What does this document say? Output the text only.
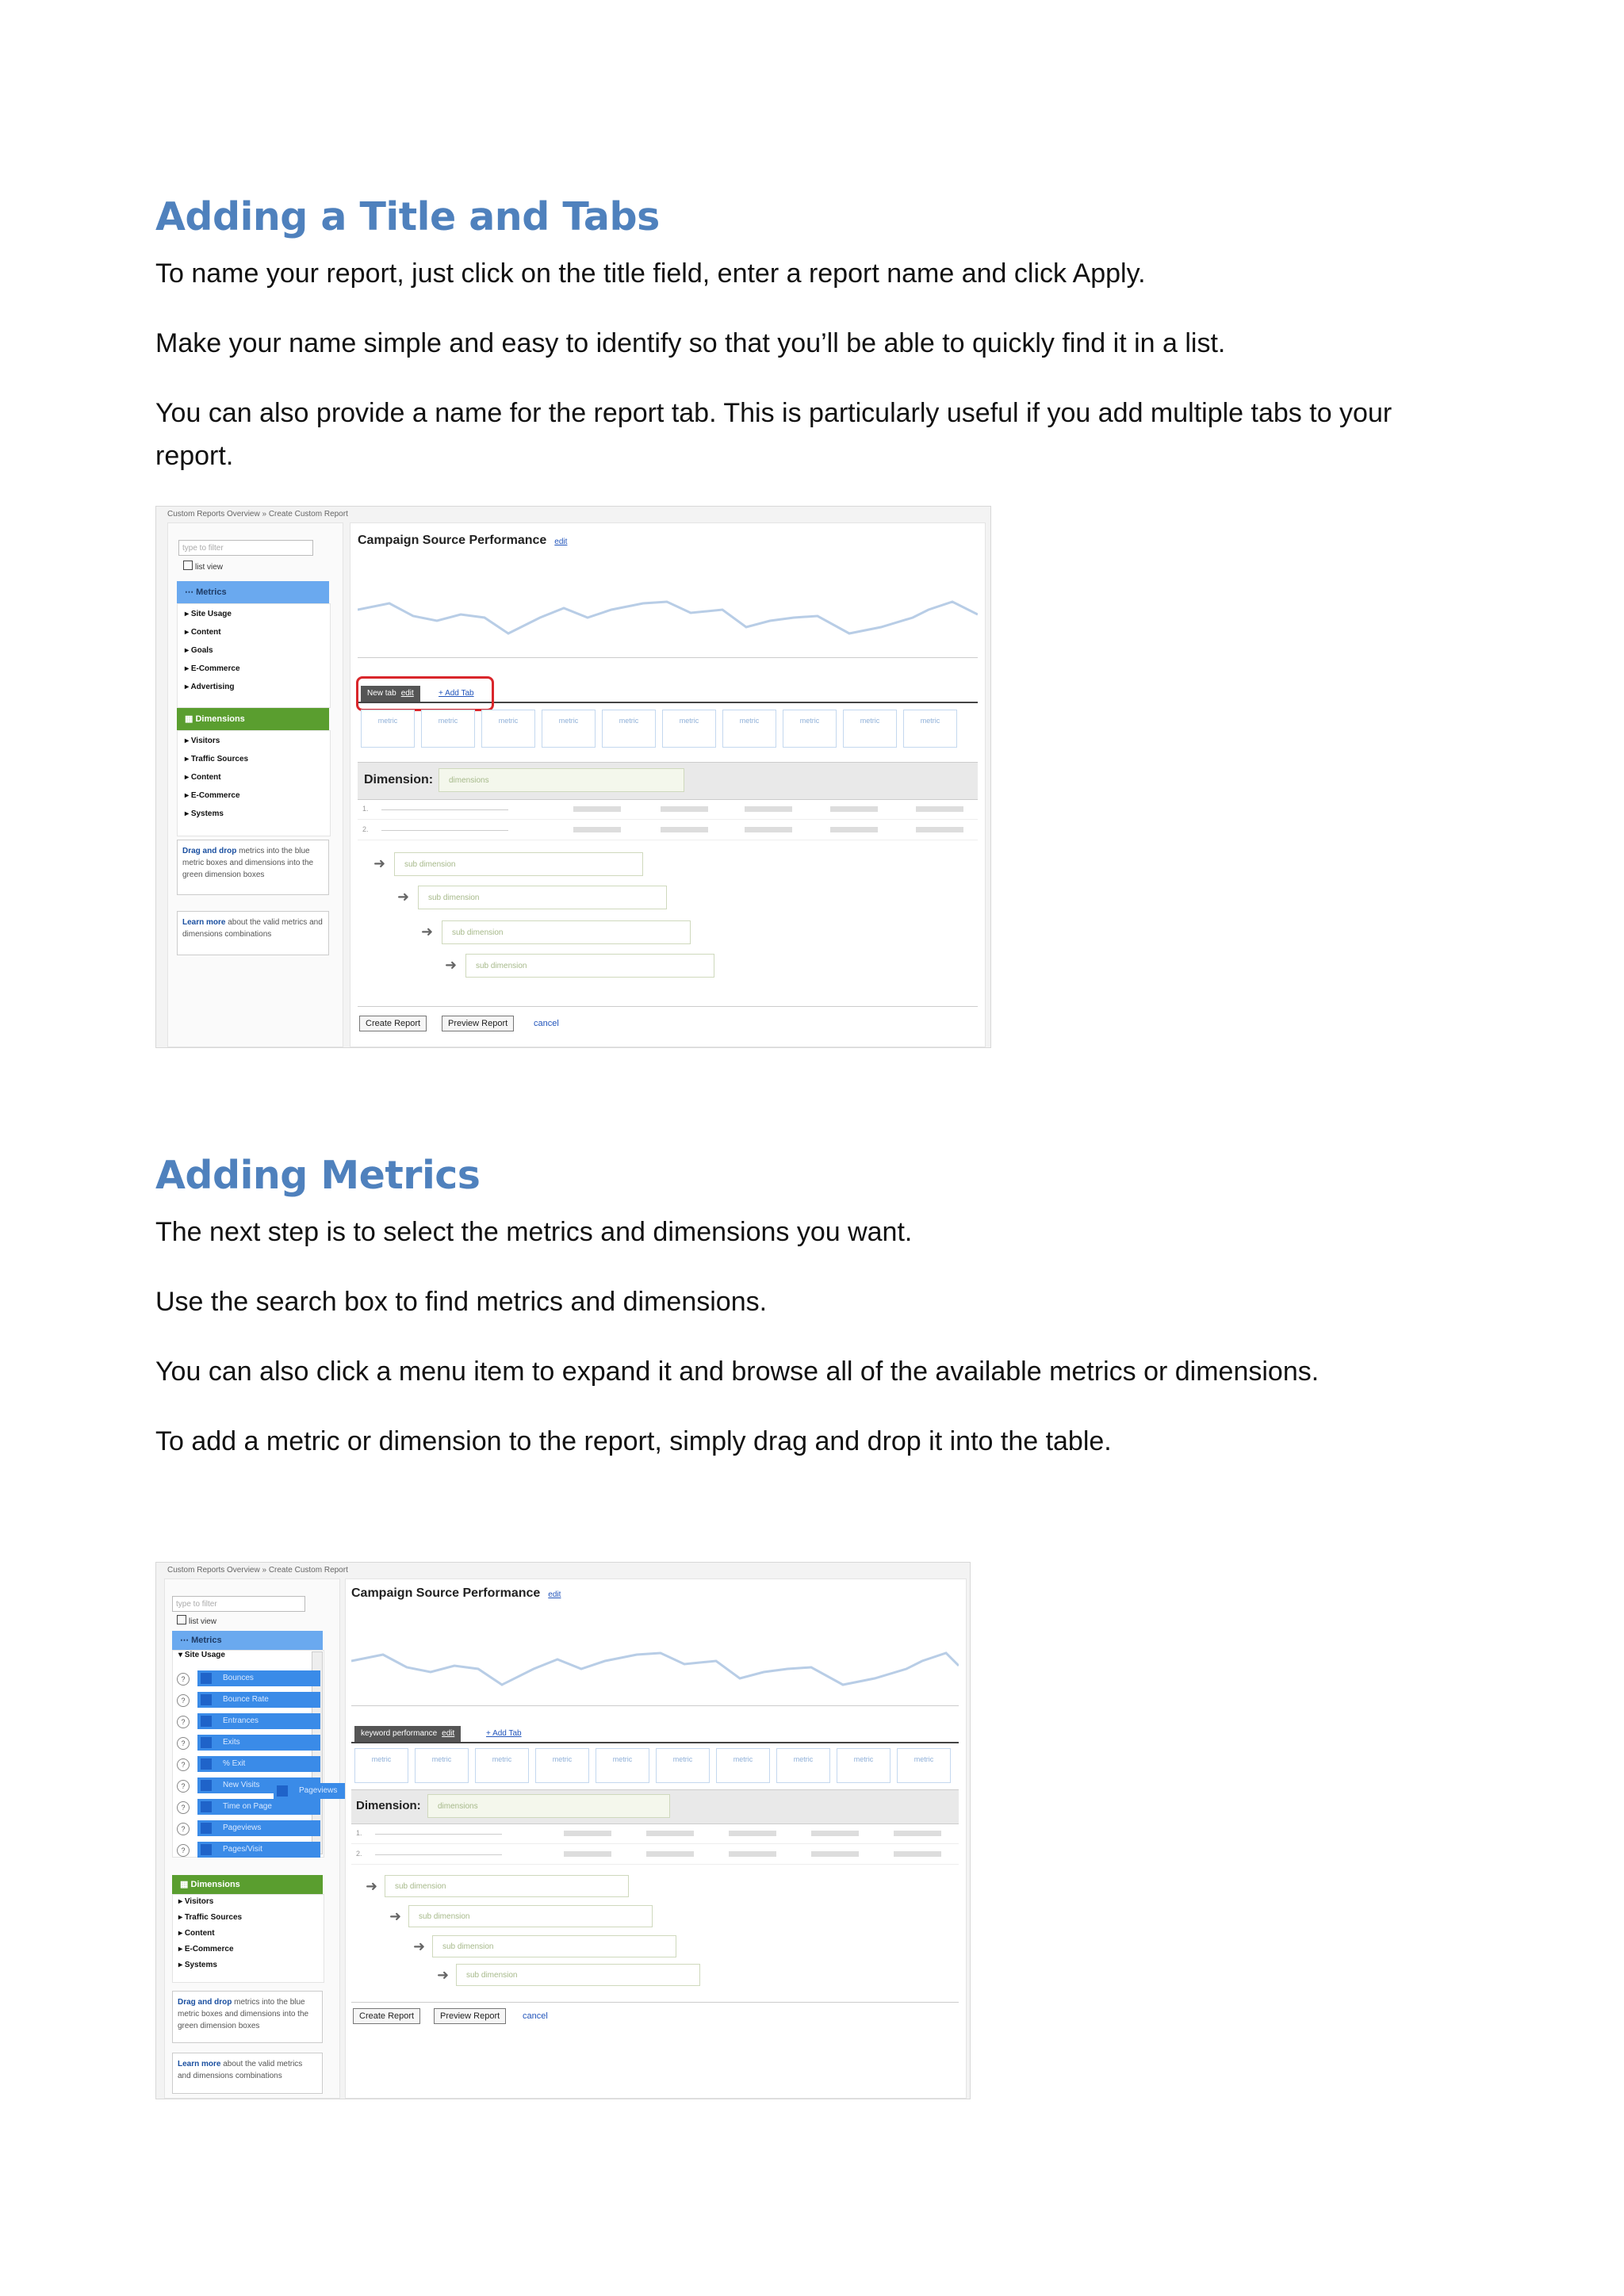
Adding a Title and Tabs

To name your report, just click on the title field, enter a report name and click Apply.

Make your name simple and easy to identify so that you’ll be able to quickly find it in a list.

You can also provide a name for the report tab. This is particularly useful if you add multiple tabs to your report.

Custom Reports Overview » Create Custom Report
type to filter
list view
⋯ Metrics
▸ Site Usage
▸ Content
▸ Goals
▸ E-Commerce
▸ Advertising
▦ Dimensions
▸ Visitors
▸ Traffic Sources
▸ Content
▸ E-Commerce
▸ Systems
Drag and drop metrics into the blue metric boxes and dimensions into the green dimension boxes
Learn more about the valid metrics and dimensions combinations
Campaign Source Performance edit
New tab edit	+ Add Tab
metric	metric	metric	metric	metric	metric	metric	metric	metric	metric
Dimension:	dimensions
1.
2.
➜	sub dimension
➜	sub dimension
➜	sub dimension
➜	sub dimension
Create Report	Preview Report	cancel
Adding Metrics

The next step is to select the metrics and dimensions you want.

Use the search box to find metrics and dimensions.

You can also click a menu item to expand it and browse all of the available metrics or dimensions.

To add a metric or dimension to the report, simply drag and drop it into the table.

Custom Reports Overview » Create Custom Report
type to filter
list view
⋯ Metrics
▾ Site Usage
?	Bounces
?	Bounce Rate
?	Entrances
?	Exits
?	% Exit
?	New Visits
?	Time on Page
?	Pageviews
?	Pages/Visit
Pageviews
▦ Dimensions
▸ Visitors
▸ Traffic Sources
▸ Content
▸ E-Commerce
▸ Systems
Drag and drop metrics into the blue metric boxes and dimensions into the green dimension boxes
Learn more about the valid metrics and dimensions combinations
Campaign Source Performance edit
keyword performance edit	+ Add Tab
metric	metric	metric	metric	metric	metric	metric	metric	metric	metric
Dimension:	dimensions
1.
2.
➜	sub dimension
➜	sub dimension
➜	sub dimension
➜	sub dimension
Create Report	Preview Report	cancel
